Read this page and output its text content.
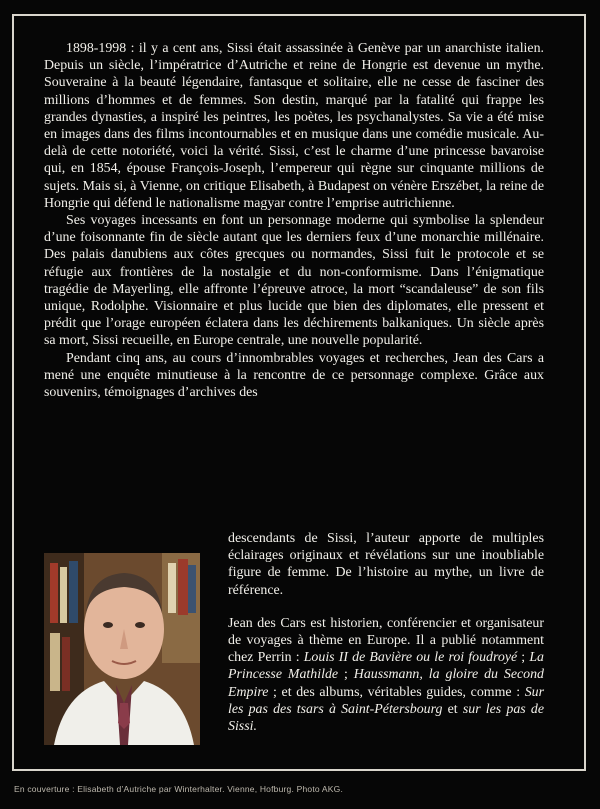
1898-1998 : il y a cent ans, Sissi était assassinée à Genève par un anarchiste italien. Depuis un siècle, l’impératrice d’Autriche et reine de Hongrie est devenue un mythe. Souveraine à la beauté légendaire, fantasque et solitaire, elle ne cesse de fasciner des millions d’hommes et de femmes. Son destin, marqué par la fatalité qui frappe les grandes dynasties, a inspiré les peintres, les poètes, les psychanalystes. Sa vie a été mise en images dans des films incontournables et en musique dans une comédie musicale. Au-delà de cette notoriété, voici la vérité. Sissi, c’est le charme d’une princesse bavaroise qui, en 1854, épouse François-Joseph, l’empereur qui règne sur cinquante millions de sujets. Mais si, à Vienne, on critique Elisabeth, à Budapest on vénère Erszébet, la reine de Hongrie qui défend le nationalisme magyar contre l’emprise autrichienne.

Ses voyages incessants en font un personnage moderne qui symbolise la splendeur d’une foisonnante fin de siècle autant que les derniers feux d’une monarchie millénaire. Des palais danubiens aux côtes grecques ou normandes, Sissi fuit le protocole et se réfugie aux frontières de la nostalgie et du non-conformisme. Dans l’énigmatique tragédie de Mayerling, elle affronte l’épreuve atroce, la mort “scandaleuse” de son fils unique, Rodolphe. Visionnaire et plus lucide que bien des diplomates, elle pressent et prédit que l’orage européen éclatera dans les déchirements balkaniques. Un siècle après sa mort, Sissi recueille, en Europe centrale, une nouvelle popularité.

Pendant cinq ans, au cours d’innombrables voyages et recherches, Jean des Cars a mené une enquête minutieuse à la rencontre de ce personnage complexe. Grâce aux souvenirs, témoignages d’archives des

descendants de Sissi, l’auteur apporte de multiples éclairages originaux et révélations sur une inoubliable figure de femme. De l’histoire au mythe, un livre de référence.

Jean des Cars est historien, conférencier et organisateur de voyages à thème en Europe. Il a publié notamment chez Perrin : Louis II de Bavière ou le roi foudroyé ; La Princesse Mathilde ; Haussmann, la gloire du Second Empire ; et des albums, véritables guides, comme : Sur les pas des tsars à Saint-Pétersbourg et sur les pas de Sissi.

En couverture : Elisabeth d’Autriche par Winterhalter. Vienne, Hofburg. Photo AKG.
